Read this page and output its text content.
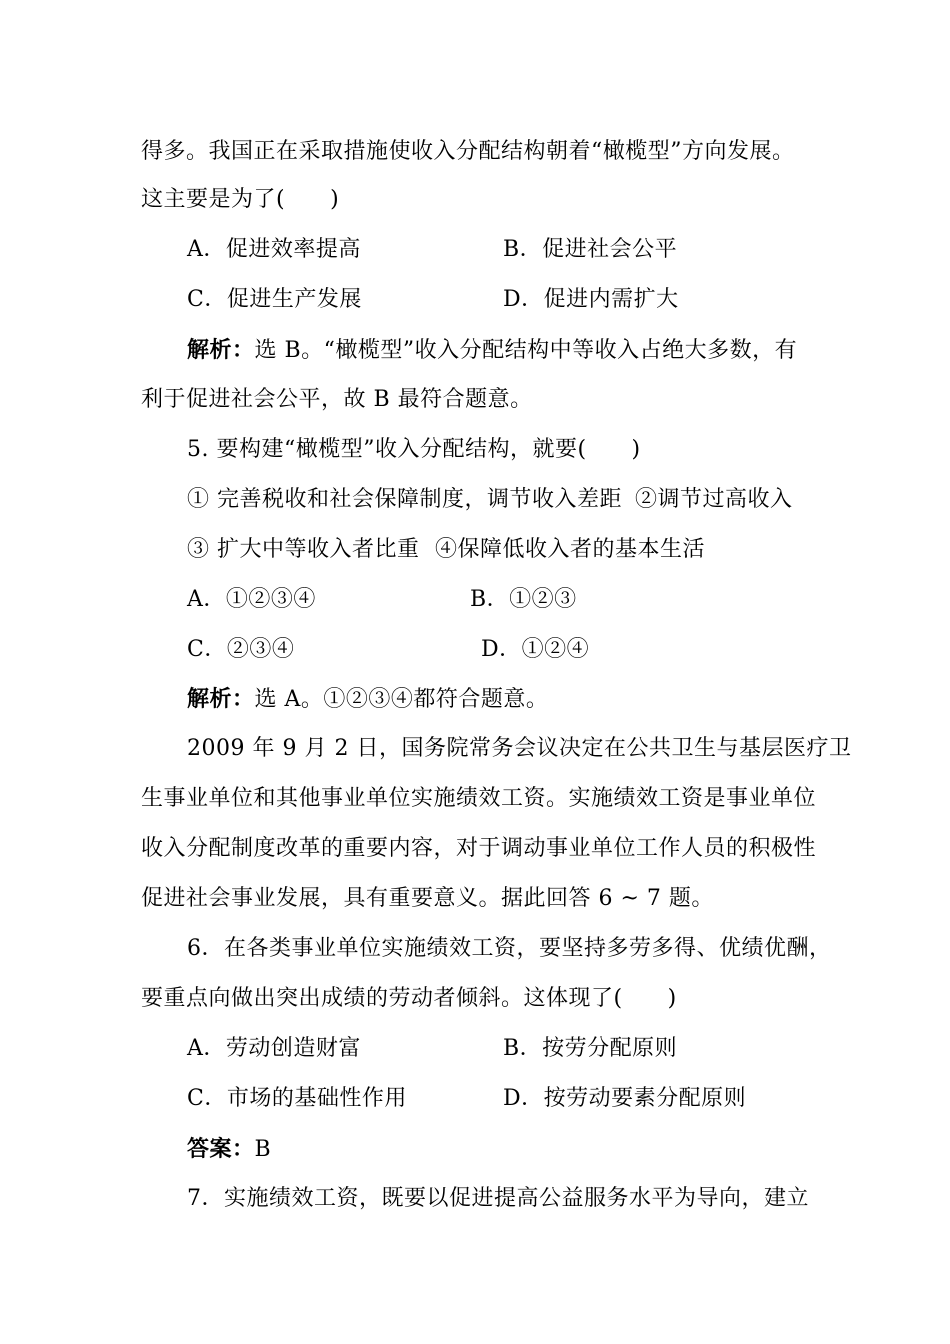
得多。我国正在采取措施使收入分配结构朝着“橄榄型”方向发展。
这主要是为了(　　)
A．促进效率提高	B．促进社会公平
C．促进生产发展	D．促进内需扩大
解析：选 B。“橄榄型”收入分配结构中等收入占绝大多数，有
利于促进社会公平，故 B 最符合题意。
5. 要构建“橄榄型”收入分配结构，就要(　　)
① 完善税收和社会保障制度，调节收入差距 ②调节过高收入
③ 扩大中等收入者比重 ④保障低收入者的基本生活
A．①②③④	B．①②③
C．②③④	D．①②④
解析：选 A。①②③④都符合题意。
2009 年 9 月 2 日，国务院常务会议决定在公共卫生与基层医疗卫
生事业单位和其他事业单位实施绩效工资。实施绩效工资是事业单位
收入分配制度改革的重要内容，对于调动事业单位工作人员的积极性
促进社会事业发展，具有重要意义。据此回答 6 ~ 7 题。
6．在各类事业单位实施绩效工资，要坚持多劳多得、优绩优酬，
要重点向做出突出成绩的劳动者倾斜。这体现了(　　)
A．劳动创造财富	B．按劳分配原则
C．市场的基础性作用	D．按劳动要素分配原则
答案：B
7．实施绩效工资，既要以促进提高公益服务水平为导向，建立
